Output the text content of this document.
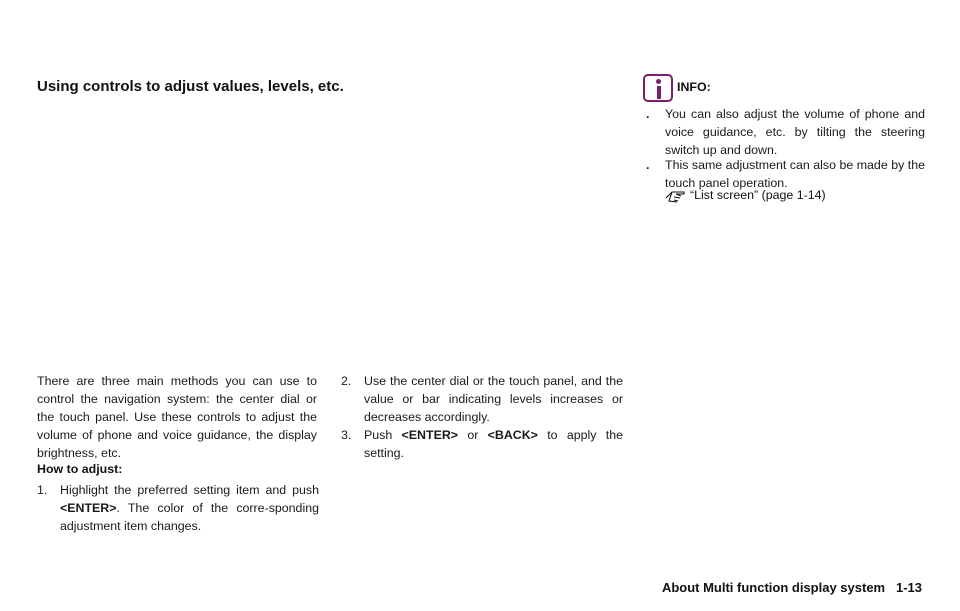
Using controls to adjust values, levels, etc.
There are three main methods you can use to control the navigation system: the center dial or the touch panel. Use these controls to adjust the volume of phone and voice guidance, the display brightness, etc.
How to adjust:
1. Highlight the preferred setting item and push <ENTER>. The color of the corre-sponding adjustment item changes.
2. Use the center dial or the touch panel, and the value or bar indicating levels increases or decreases accordingly.
3. Push <ENTER> or <BACK> to apply the setting.
INFO:
. You can also adjust the volume of phone and voice guidance, etc. by tilting the steering switch up and down.
. This same adjustment can also be made by the touch panel operation.
“List screen” (page 1-14)
About Multi function display system 1-13
